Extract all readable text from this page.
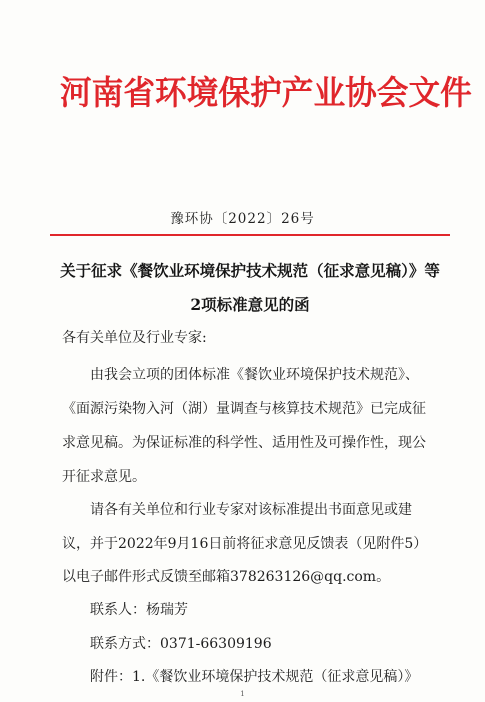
河南省环境保护产业协会文件
豫环协〔2022〕26号
关于征求《餐饮业环境保护技术规范（征求意见稿）》等
2项标准意见的函
各有关单位及行业专家:
由我会立项的团体标准《餐饮业环境保护技术规范》、
《面源污染物入河（湖）量调查与核算技术规范》已完成征
求意见稿。为保证标准的科学性、适用性及可操作性，现公
开征求意见。
请各有关单位和行业专家对该标准提出书面意见或建
议，并于2022年9月16日前将征求意见反馈表（见附件5）
以电子邮件形式反馈至邮箱378263126@qq.com。
联系人：杨瑞芳
联系方式：0371-66309196
附件：1.《餐饮业环境保护技术规范（征求意见稿）》
1
